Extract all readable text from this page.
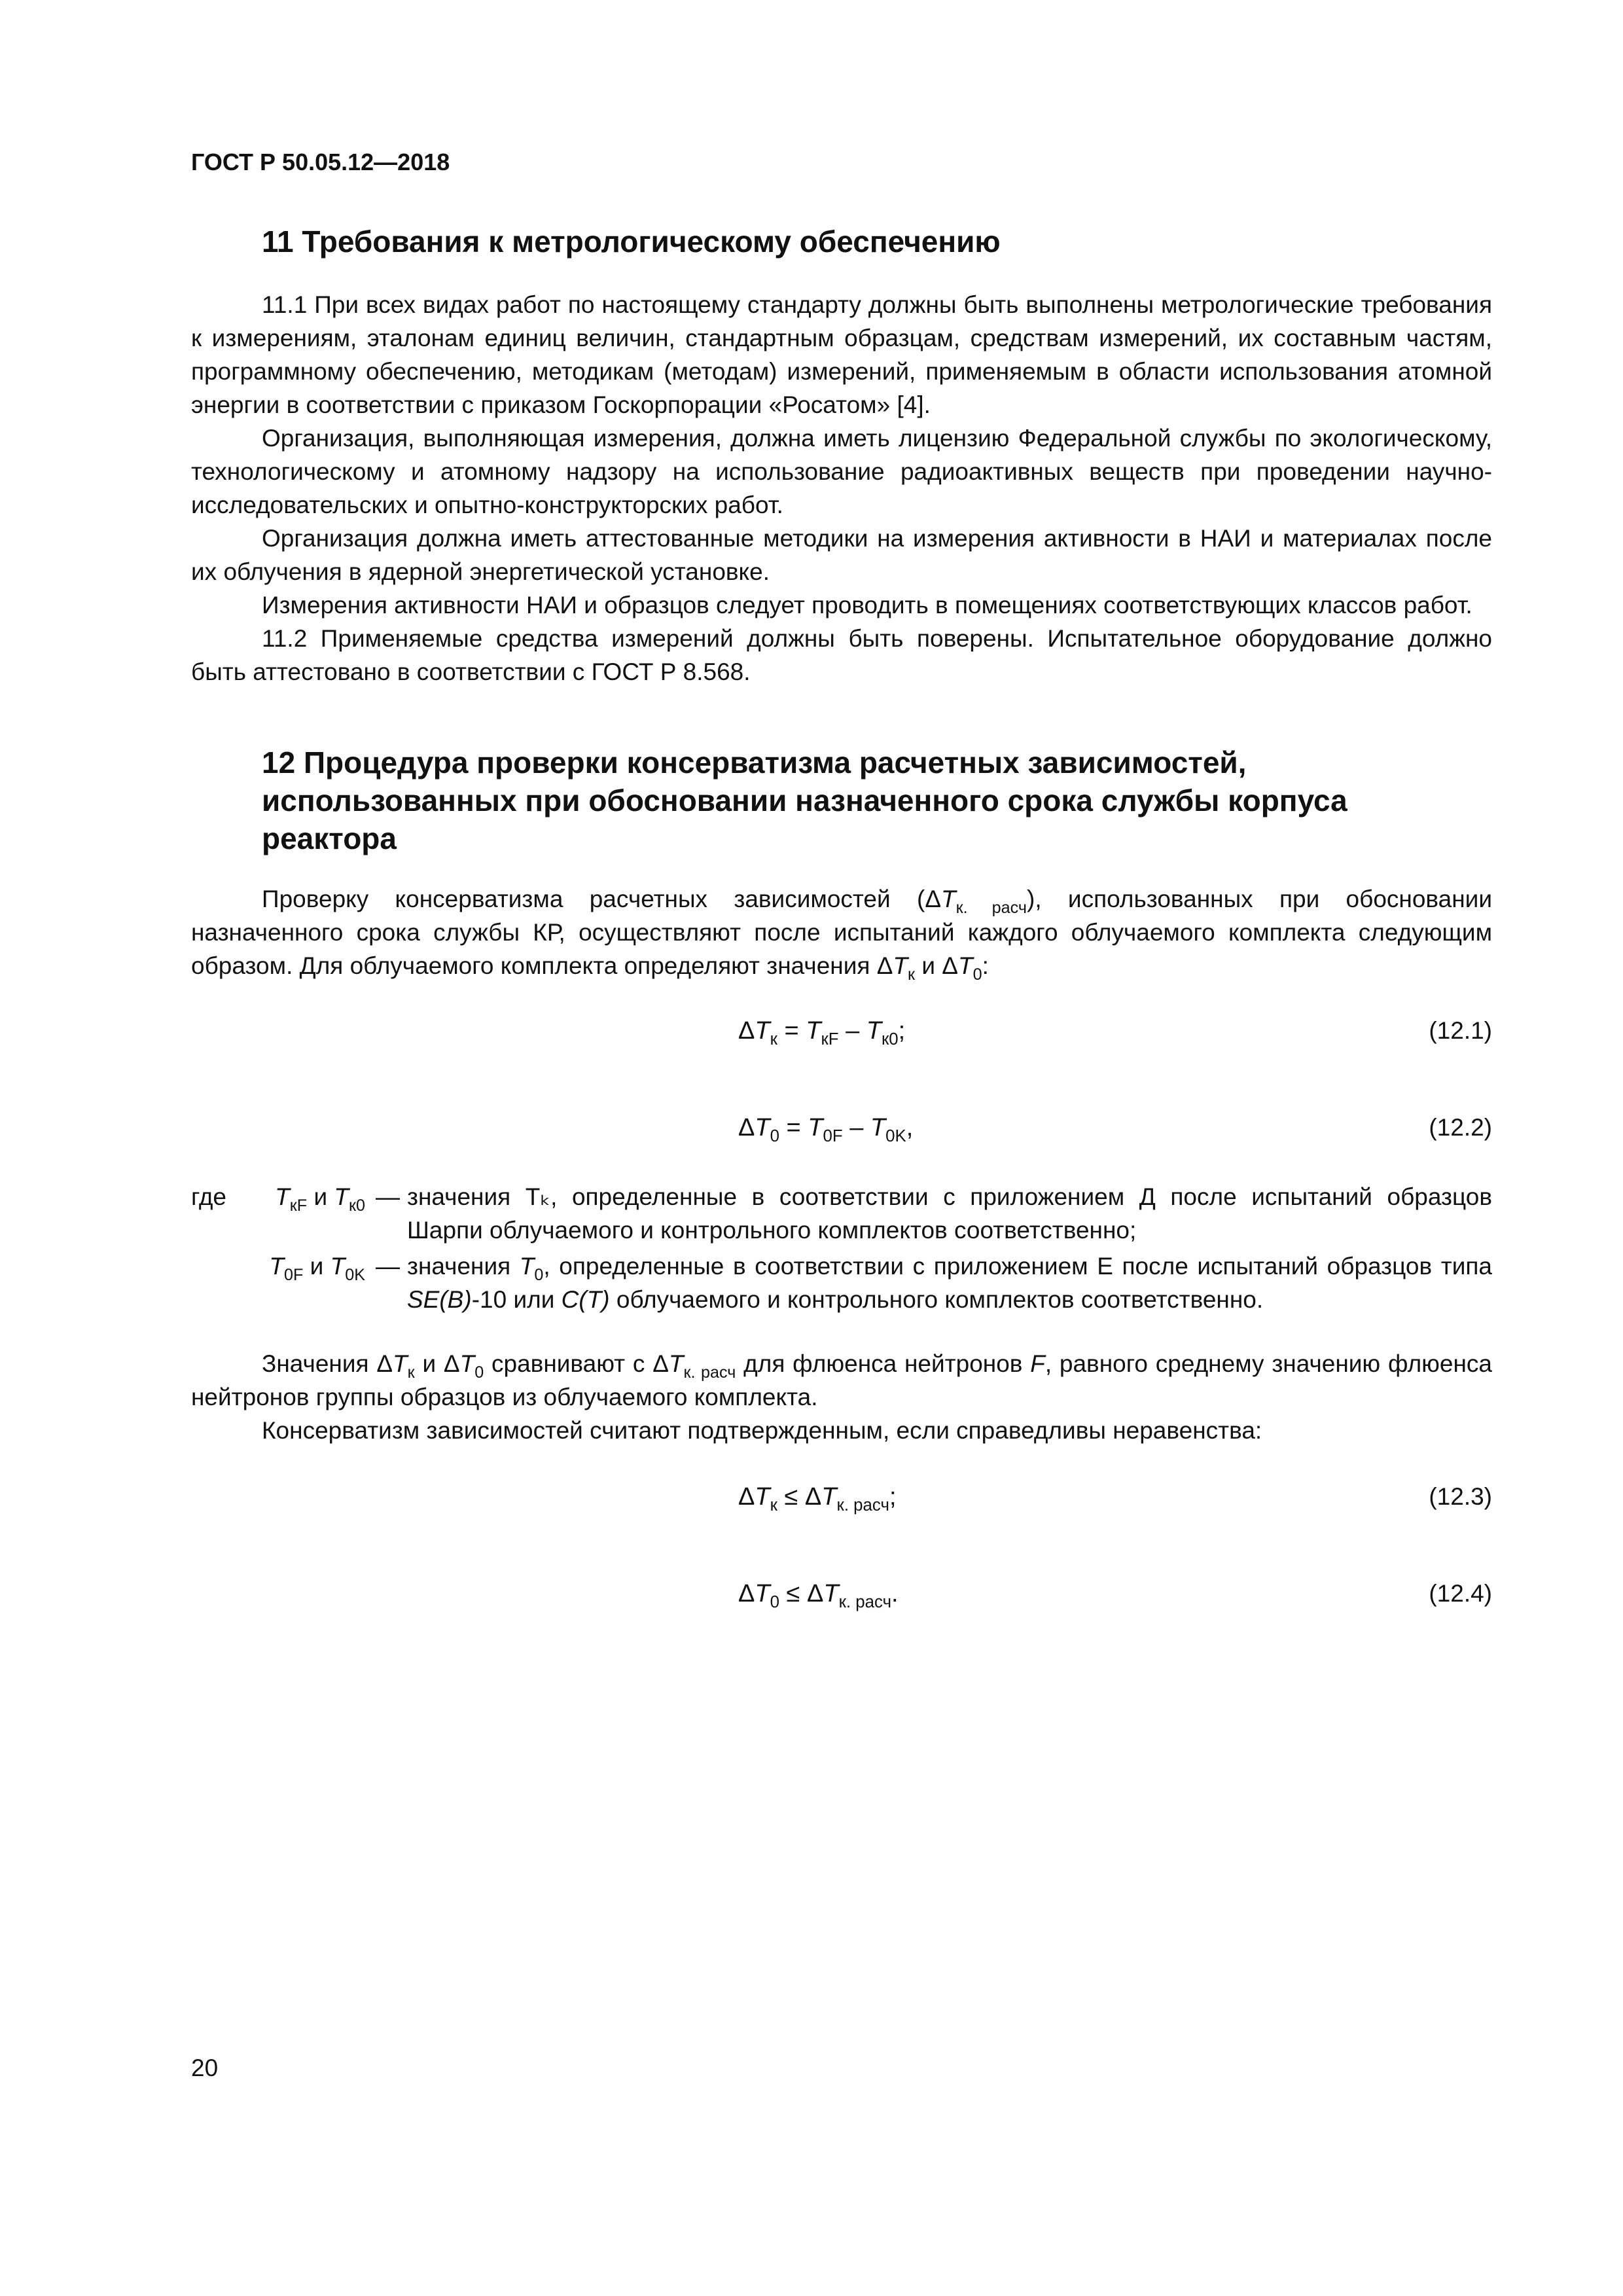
ГОСТ Р 50.05.12—2018
11 Требования к метрологическому обеспечению

11.1 При всех видах работ по настоящему стандарту должны быть выполнены метрологические требования к измерениям, эталонам единиц величин, стандартным образцам, средствам измерений, их составным частям, программному обеспечению, методикам (методам) измерений, применяемым в области использования атомной энергии в соответствии с приказом Госкорпорации «Росатом» [4].

Организация, выполняющая измерения, должна иметь лицензию Федеральной службы по экологическому, технологическому и атомному надзору на использование радиоактивных веществ при проведении научно-исследовательских и опытно-конструкторских работ.

Организация должна иметь аттестованные методики на измерения активности в НАИ и материалах после их облучения в ядерной энергетической установке.

Измерения активности НАИ и образцов следует проводить в помещениях соответствующих классов работ.

11.2 Применяемые средства измерений должны быть поверены. Испытательное оборудование должно быть аттестовано в соответствии с ГОСТ Р 8.568.

12 Процедура проверки консерватизма расчетных зависимостей,
использованных при обосновании назначенного срока службы корпуса
реактора

Проверку консерватизма расчетных зависимостей $(\Delta T_{к. расч})$, использованных при обосновании назначенного срока службы КР, осуществляют после испытаний каждого облучаемого комплекта следующим образом. Для облучаемого комплекта определяют значения $\Delta T_к$ и $\Delta T_0$:

$\Delta T_к = T_{кF} - T_{к0}$;	(12.1)
$\Delta T_0 = T_{0F} - T_{0K}$,	(12.2)
где $T_{кF}$ и $T_{к0}$ — значения Tₖ, определенные в соответствии с приложением Д после испытаний образцов Шарпи облучаемого и контрольного комплектов соответственно;
$T_{0F}$ и $T_{0K}$ — значения $T_0$, определенные в соответствии с приложением Е после испытаний образцов типа SE(B)-10 или C(T) облучаемого и контрольного комплектов соответственно.

Значения $\Delta T_к$ и $\Delta T_0$ сравнивают с $\Delta T_{к. расч}$ для флюенса нейтронов F, равного среднему значению флюенса нейтронов группы образцов из облучаемого комплекта.

Консерватизм зависимостей считают подтвержденным, если справедливы неравенства:

$\Delta T_к \le \Delta T_{к. расч}$;	(12.3)
$\Delta T_0 \le \Delta T_{к. расч}$.	(12.4)
20
